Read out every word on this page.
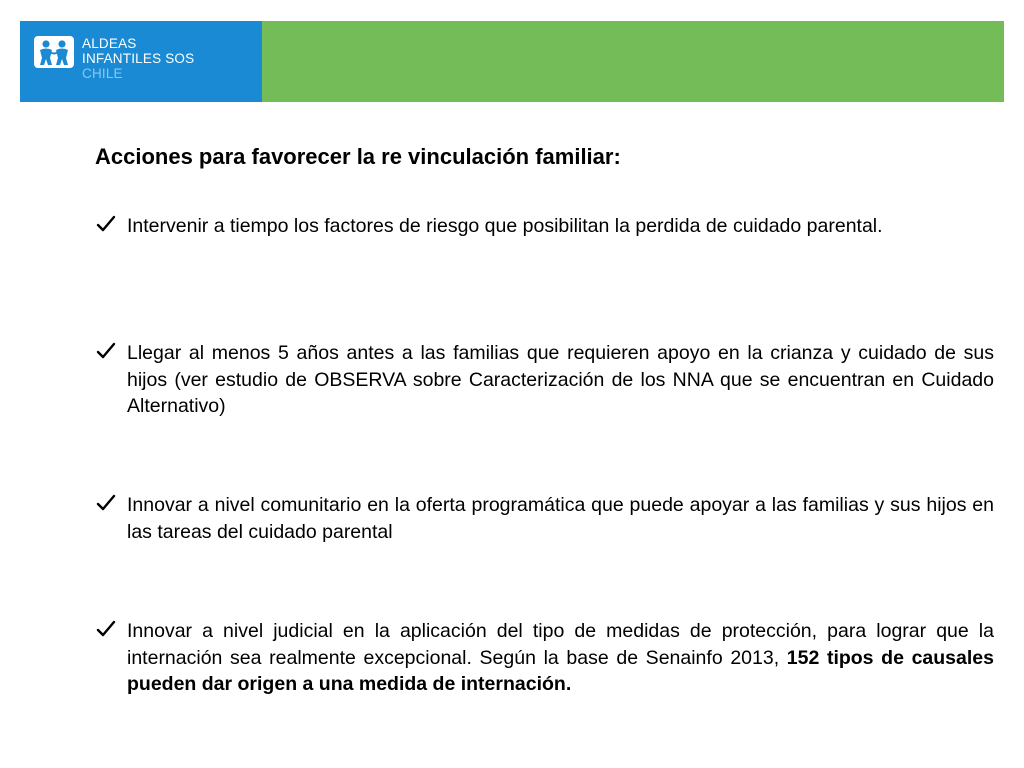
ALDEAS
INFANTILES SOS
CHILE
Acciones para favorecer la re vinculación familiar:
Intervenir a tiempo los factores de riesgo que posibilitan la perdida de cuidado parental.
Llegar al menos 5 años antes a las familias que requieren apoyo en la crianza y cuidado de sus hijos (ver estudio de OBSERVA sobre Caracterización de los NNA que se encuentran en Cuidado Alternativo)
Innovar a nivel comunitario en la oferta programática que puede apoyar a las familias y sus hijos en las tareas del cuidado parental
Innovar a nivel judicial en la aplicación del tipo de medidas de protección, para lograr que la internación sea realmente excepcional. Según la base de Senainfo 2013, 152 tipos de causales pueden dar origen a una medida de internación.
